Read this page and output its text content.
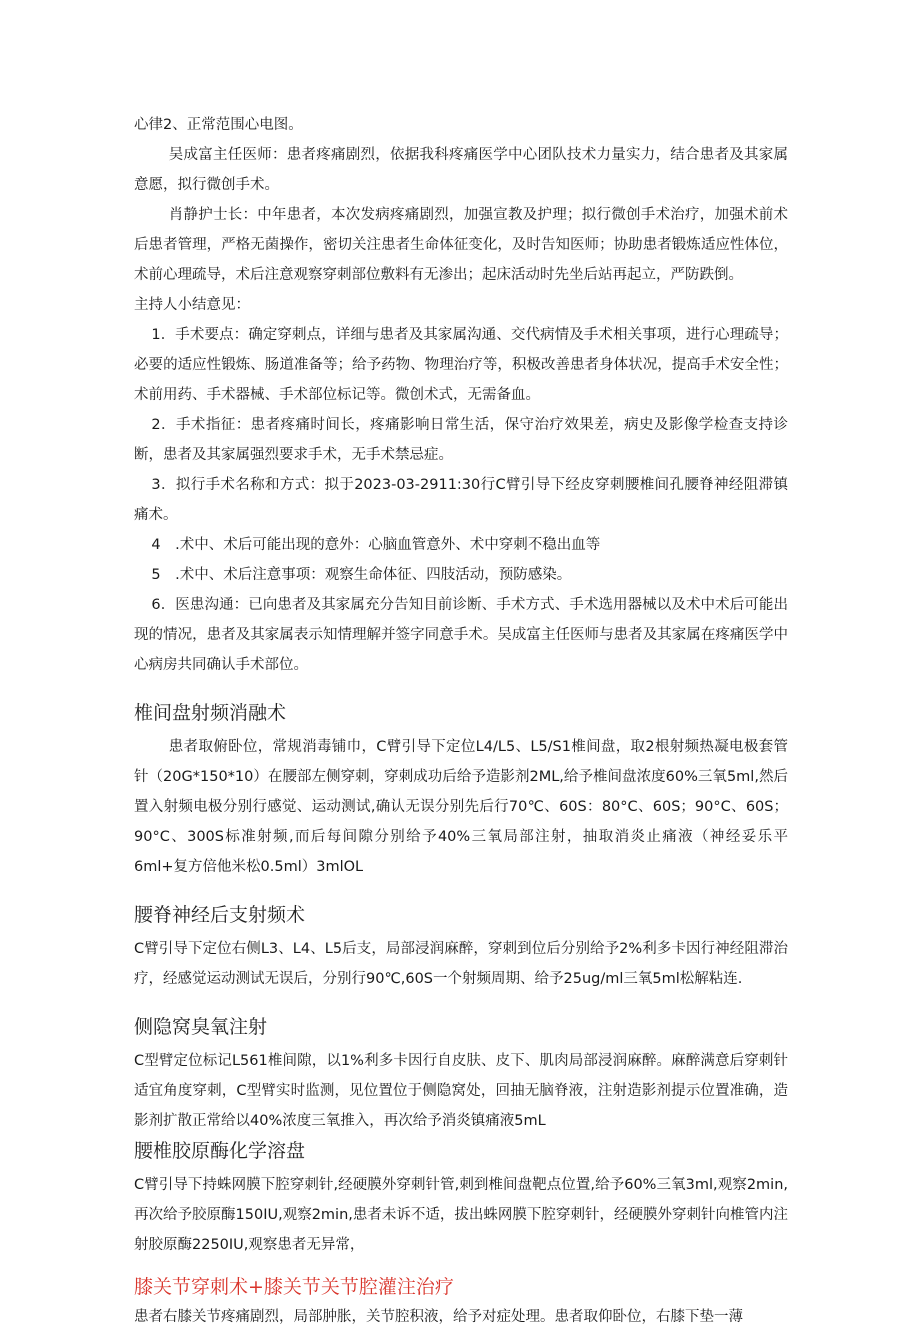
心律2、正常范围心电图。

吴成富主任医师：患者疼痛剧烈，依据我科疼痛医学中心团队技术力量实力，结合患者及其家属意愿，拟行微创手术。

肖静护士长：中年患者，本次发病疼痛剧烈，加强宣教及护理；拟行微创手术治疗，加强术前术后患者管理，严格无菌操作，密切关注患者生命体征变化，及时告知医师；协助患者锻炼适应性体位，术前心理疏导，术后注意观察穿刺部位敷料有无渗出；起床活动时先坐后站再起立，严防跌倒。

主持人小结意见：

1．手术要点：确定穿刺点，详细与患者及其家属沟通、交代病情及手术相关事项，进行心理疏导；必要的适应性锻炼、肠道准备等；给予药物、物理治疗等，积极改善患者身体状况，提高手术安全性；术前用药、手术器械、手术部位标记等。微创术式，无需备血。

2．手术指征：患者疼痛时间长，疼痛影响日常生活，保守治疗效果差，病史及影像学检查支持诊断，患者及其家属强烈要求手术，无手术禁忌症。

3．拟行手术名称和方式：拟于2023-03-2911:30行C臂引导下经皮穿刺腰椎间孔腰脊神经阻滞镇痛术。

4　.术中、术后可能出现的意外：心脑血管意外、术中穿刺不稳出血等

5　.术中、术后注意事项：观察生命体征、四肢活动，预防感染。

6．医患沟通：已向患者及其家属充分告知目前诊断、手术方式、手术选用器械以及术中术后可能出现的情况，患者及其家属表示知情理解并签字同意手术。吴成富主任医师与患者及其家属在疼痛医学中心病房共同确认手术部位。

椎间盘射频消融术

患者取俯卧位，常规消毒铺巾，C臂引导下定位L4/L5、L5/S1椎间盘，取2根射频热凝电极套管针（20G*150*10）在腰部左侧穿刺，穿刺成功后给予造影剂2ML,给予椎间盘浓度60%三氧5ml,然后置入射频电极分别行感觉、运动测试,确认无误分别先后行70℃、60S：80°C、60S；90°C、60S；90°C、300S标准射频,而后每间隙分别给予40%三氧局部注射，抽取消炎止痛液（神经妥乐平6ml+复方倍他米松0.5ml）3mlOL

腰脊神经后支射频术

C臂引导下定位右侧L3、L4、L5后支，局部浸润麻醉，穿刺到位后分别给予2%利多卡因行神经阻滞治疗，经感觉运动测试无误后，分别行90℃,60S一个射频周期、给予25ug/ml三氧5ml松解粘连.

侧隐窝臭氧注射

C型臂定位标记L561椎间隙，以1%利多卡因行自皮肤、皮下、肌肉局部浸润麻醉。麻醉满意后穿刺针适宜角度穿刺，C型臂实时监测，见位置位于侧隐窝处，回抽无脑脊液，注射造影剂提示位置准确，造影剂扩散正常给以40%浓度三氧推入，再次给予消炎镇痛液5mL

腰椎胶原酶化学溶盘

C臂引导下持蛛网膜下腔穿刺针,经硬膜外穿刺针管,刺到椎间盘靶点位置,给予60%三氧3ml,观察2min,再次给予胶原酶150IU,观察2min,患者未诉不适，拔出蛛网膜下腔穿刺针，经硬膜外穿刺针向椎管内注射胶原酶2250IU,观察患者无异常，

膝关节穿刺术+膝关节关节腔灌注治疗

患者右膝关节疼痛剧烈，局部肿胀，关节腔积液，给予对症处理。患者取仰卧位，右膝下垫一薄
